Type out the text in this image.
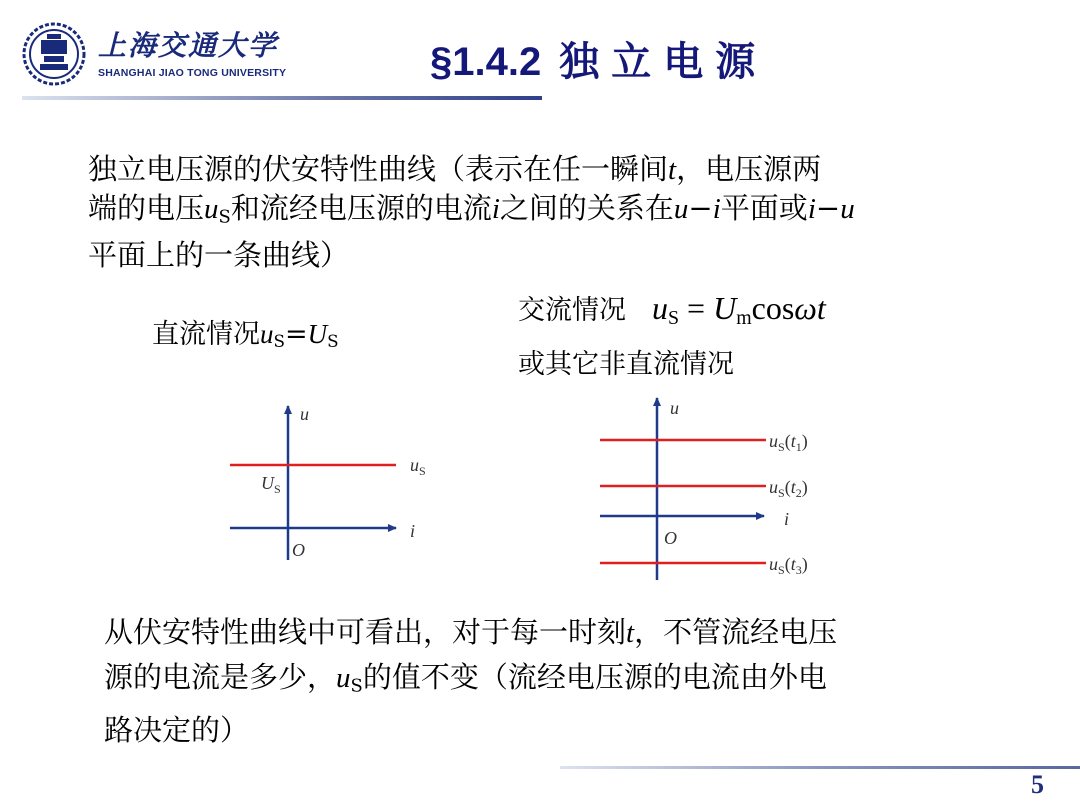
上海交通大学
SHANGHAI JIAO TONG UNIVERSITY	§1.4.2 独立电源
独立电压源的伏安特性曲线（表示在任一瞬间t，电压源两
端的电压$u_S$和流经电压源的电流i之间的关系在u−i平面或i−u
平面上的一条曲线）
直流情况$u_S=U_S$
交流情况 $u_S = U_m\cos\omega t$
或其它非直流情况
u
i
O
$u_S$
$U_S$
u
i
O
$u_S(t_1)$
$u_S(t_2)$
$u_S(t_3)$
从伏安特性曲线中可看出，对于每一时刻t，不管流经电压
源的电流是多少，$u_S$的值不变（流经电压源的电流由外电
路决定的）
5
